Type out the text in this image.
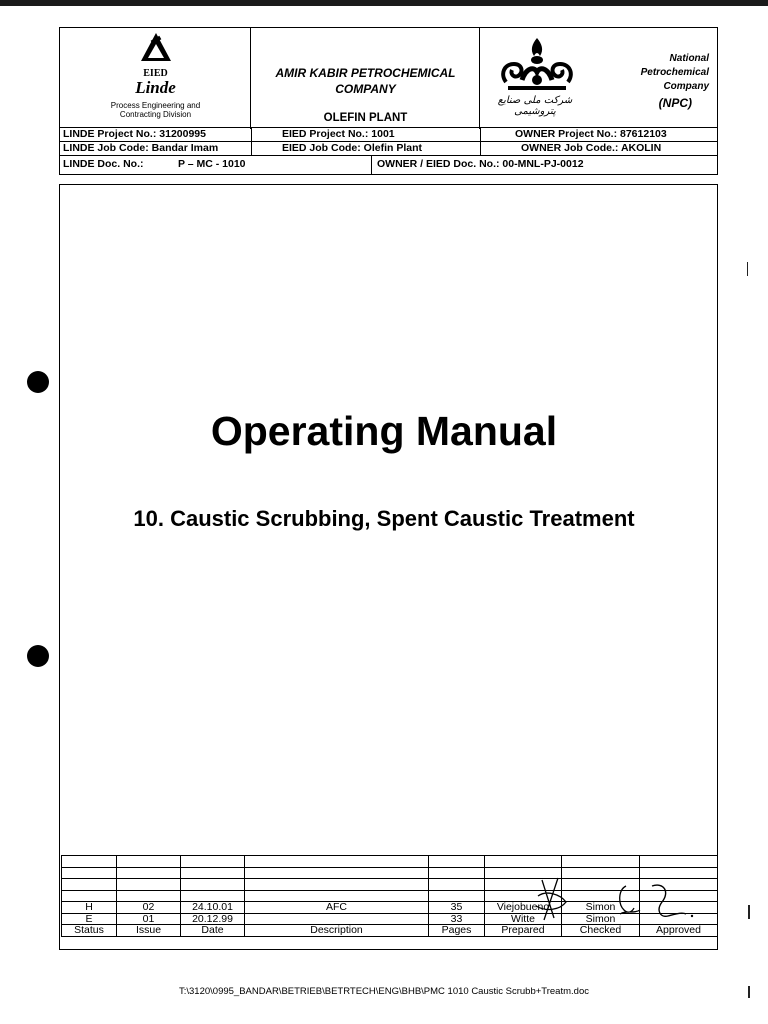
EIED
Linde
Process Engineering and
Contracting Division
AMIR KABIR PETROCHEMICAL
COMPANY
OLEFIN PLANT
شرکت ملی صنایع پتروشیمی
National
Petrochemical
Company
(NPC)
LINDE Project No.: 31200995	EIED Project No.: 1001	OWNER Project No.: 87612103
LINDE Job Code: Bandar Imam	EIED Job Code: Olefin Plant	OWNER Job Code.: AKOLIN
LINDE Doc. No.:	P – MC - 1010	OWNER / EIED Doc. No.: 00-MNL-PJ-0012
Operating Manual
10. Caustic Scrubbing, Spent Caustic Treatment

H	02	24.10.01	AFC	35	Viejobueno	Simon	
E	01	20.12.99		33	Witte	Simon	
Status	Issue	Date	Description	Pages	Prepared	Checked	Approved
T:\3120\0995_BANDAR\BETRIEB\BETRTECH\ENG\BHB\PMC 1010 Caustic Scrubb+Treatm.doc
